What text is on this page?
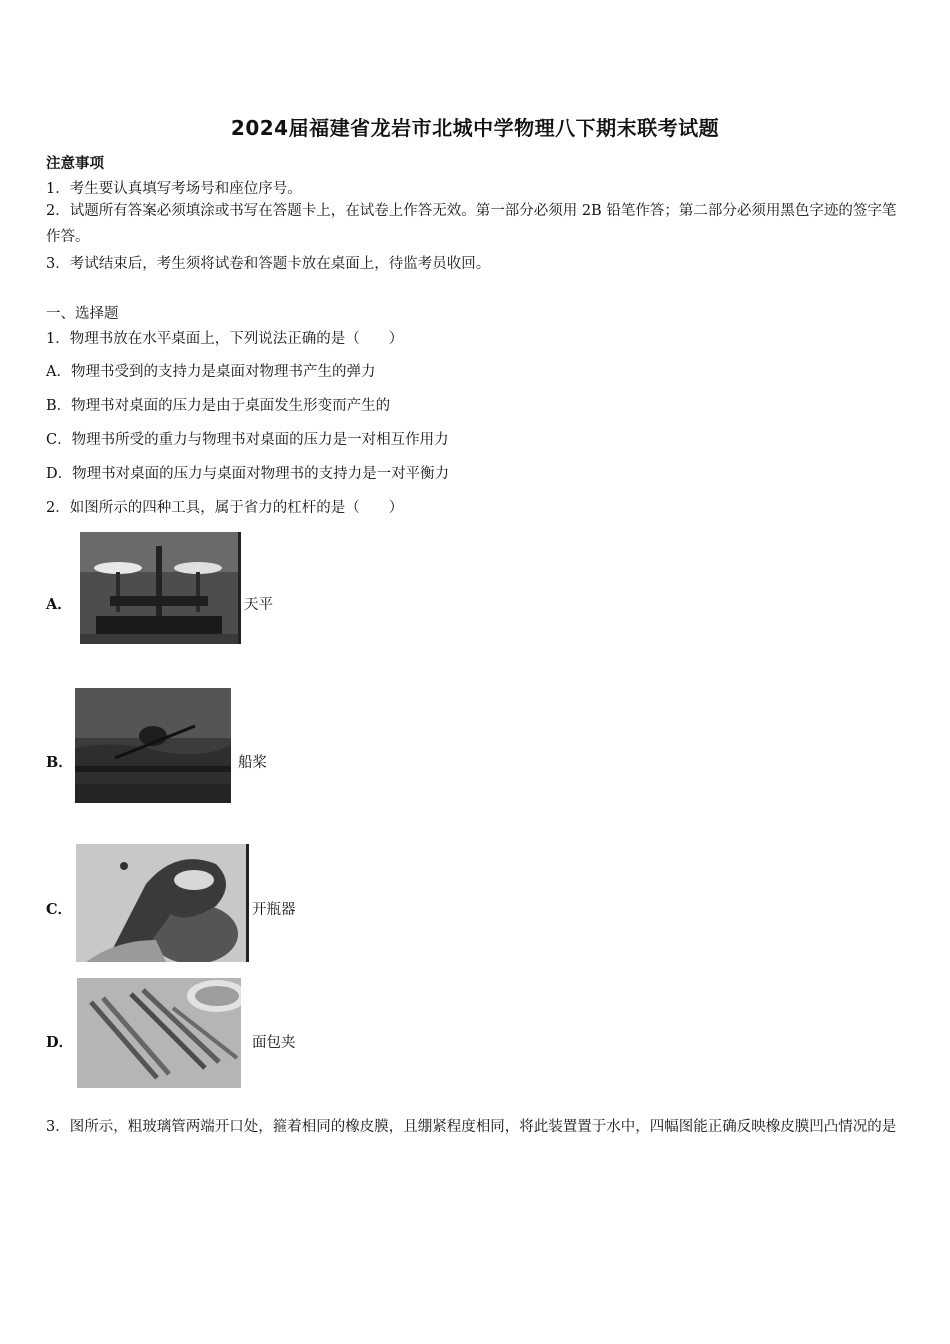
2024届福建省龙岩市北城中学物理八下期末联考试题
注意事项
1．考生要认真填写考场号和座位序号。
2．试题所有答案必须填涂或书写在答题卡上，在试卷上作答无效。第一部分必须用 2B 铅笔作答；第二部分必须用黑色字迹的签字笔作答。
3．考试结束后，考生须将试卷和答题卡放在桌面上，待监考员收回。
一、选择题
1．物理书放在水平桌面上，下列说法正确的是（　　）
A．物理书受到的支持力是桌面对物理书产生的弹力
B．物理书对桌面的压力是由于桌面发生形变而产生的
C．物理书所受的重力与物理书对桌面的压力是一对相互作用力
D．物理书对桌面的压力与桌面对物理书的支持力是一对平衡力
2．如图所示的四种工具，属于省力的杠杆的是（　　）
A．	天平
B．	船桨
C．	开瓶器
D．	面包夹
3．图所示，粗玻璃管两端开口处，箍着相同的橡皮膜，且绷紧程度相同，将此装置置于水中，四幅图能正确反映橡皮膜凹凸情况的是
